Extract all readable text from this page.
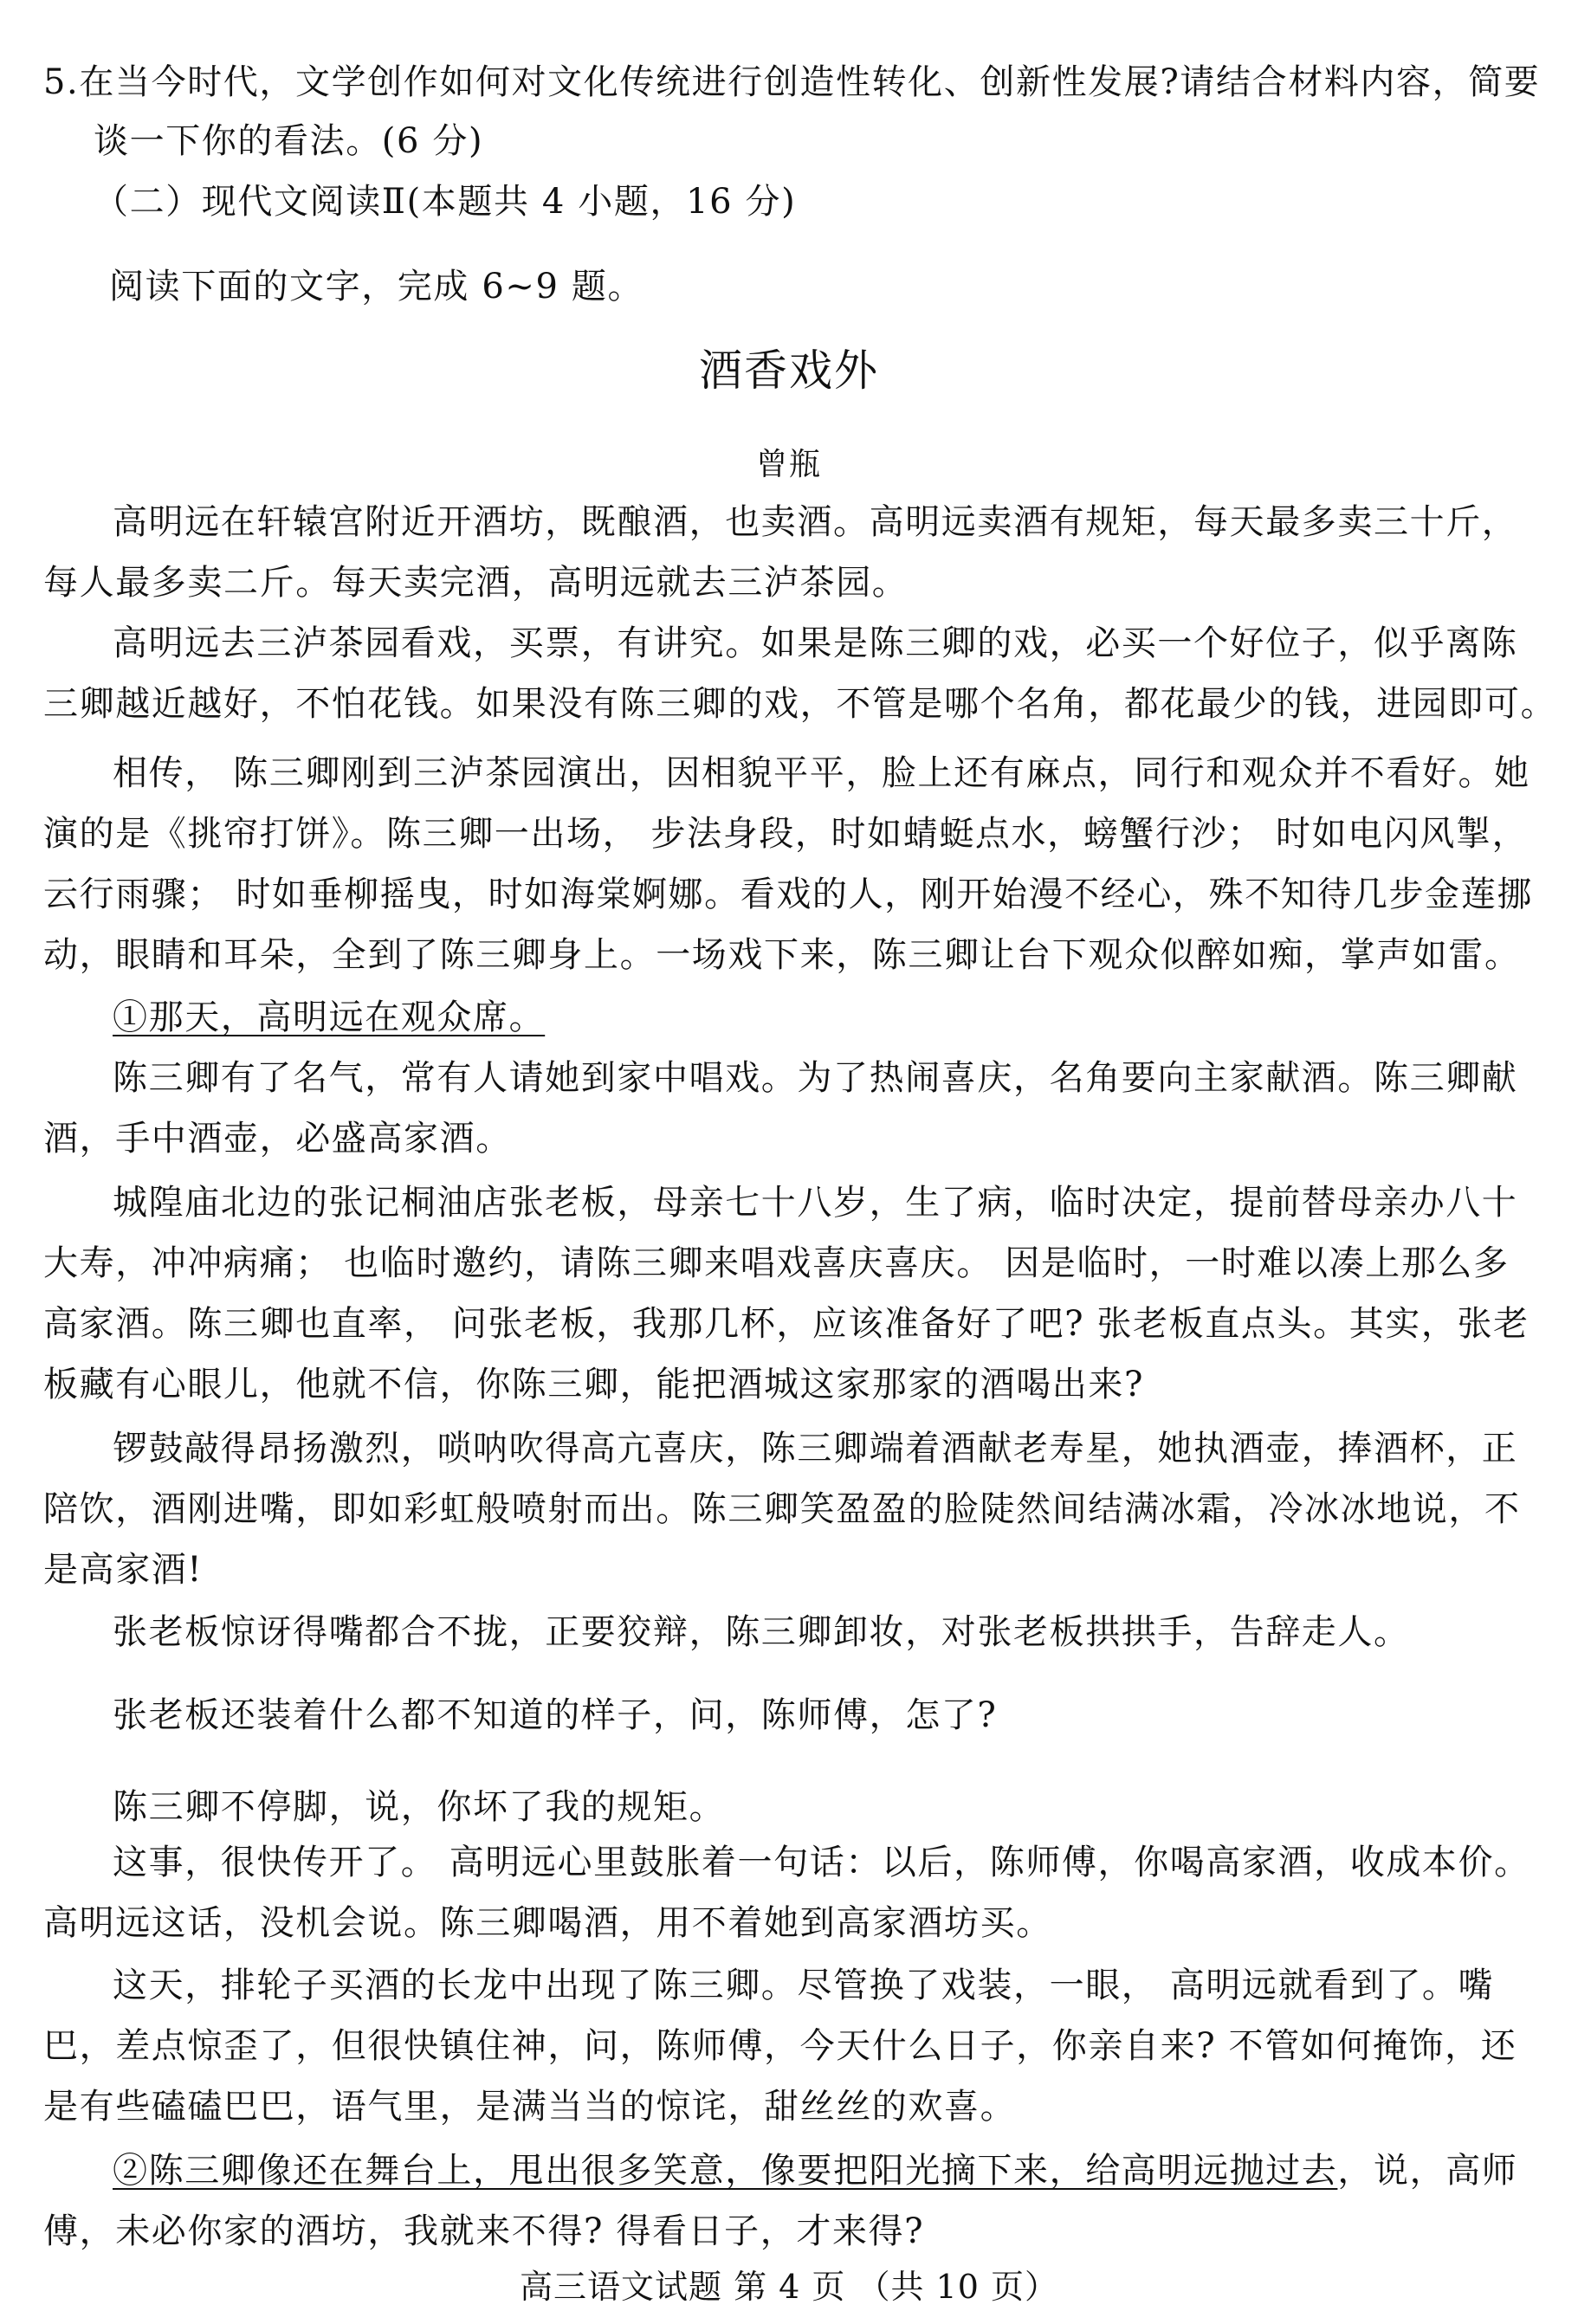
5.在当今时代，文学创作如何对文化传统进行创造性转化、创新性发展?请结合材料内容，简要
谈一下你的看法。(6 分)
（二）现代文阅读Ⅱ(本题共 4 小题，16 分)
阅读下面的文字，完成 6~9 题。
酒香戏外
曾瓶
高明远在轩辕宫附近开酒坊，既酿酒，也卖酒。高明远卖酒有规矩，每天最多卖三十斤，
每人最多卖二斤。每天卖完酒，高明远就去三泸茶园。
高明远去三泸茶园看戏，买票，有讲究。如果是陈三卿的戏，必买一个好位子，似乎离陈
三卿越近越好，不怕花钱。如果没有陈三卿的戏，不管是哪个名角，都花最少的钱，进园即可。
相传， 陈三卿刚到三泸茶园演出，因相貌平平，脸上还有麻点，同行和观众并不看好。她
演的是《挑帘打饼》。陈三卿一出场， 步法身段，时如蜻蜓点水，螃蟹行沙； 时如电闪风掣，
云行雨骤； 时如垂柳摇曳，时如海棠婀娜。看戏的人，刚开始漫不经心，殊不知待几步金莲挪
动，眼睛和耳朵，全到了陈三卿身上。一场戏下来，陈三卿让台下观众似醉如痴，掌声如雷。
①那天，高明远在观众席。
陈三卿有了名气，常有人请她到家中唱戏。为了热闹喜庆，名角要向主家献酒。陈三卿献
酒，手中酒壶，必盛高家酒。
城隍庙北边的张记桐油店张老板，母亲七十八岁，生了病，临时决定，提前替母亲办八十
大寿，冲冲病痛； 也临时邀约，请陈三卿来唱戏喜庆喜庆。 因是临时，一时难以凑上那么多
高家酒。陈三卿也直率， 问张老板，我那几杯，应该准备好了吧? 张老板直点头。其实，张老
板藏有心眼儿，他就不信，你陈三卿，能把酒城这家那家的酒喝出来?
锣鼓敲得昂扬激烈，唢呐吹得高亢喜庆，陈三卿端着酒献老寿星，她执酒壶，捧酒杯，正
陪饮，酒刚进嘴，即如彩虹般喷射而出。陈三卿笑盈盈的脸陡然间结满冰霜，冷冰冰地说，不
是高家酒!
张老板惊讶得嘴都合不拢，正要狡辩，陈三卿卸妆，对张老板拱拱手，告辞走人。
张老板还装着什么都不知道的样子，问，陈师傅，怎了?
陈三卿不停脚，说，你坏了我的规矩。
这事，很快传开了。 高明远心里鼓胀着一句话：以后，陈师傅，你喝高家酒，收成本价。
高明远这话，没机会说。陈三卿喝酒，用不着她到高家酒坊买。
这天，排轮子买酒的长龙中出现了陈三卿。尽管换了戏装，一眼， 高明远就看到了。嘴
巴，差点惊歪了，但很快镇住神，问，陈师傅，今天什么日子，你亲自来? 不管如何掩饰，还
是有些磕磕巴巴，语气里，是满当当的惊诧，甜丝丝的欢喜。
②陈三卿像还在舞台上，甩出很多笑意，像要把阳光摘下来，给高明远抛过去，说，高师
傅，未必你家的酒坊，我就来不得? 得看日子，才来得?
高三语文试题 第 4 页 （共 10 页）
